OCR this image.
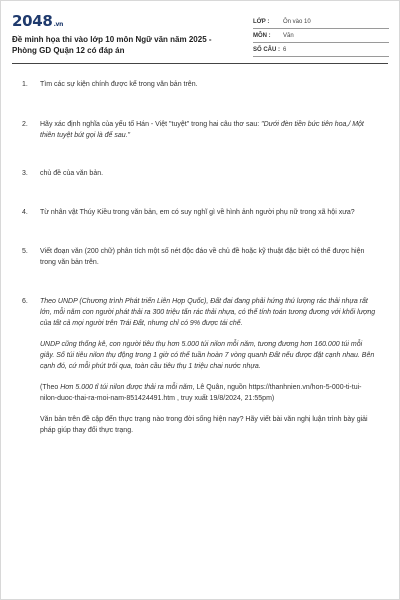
2048.vn
Đề minh họa thi vào lớp 10 môn Ngữ văn năm 2025 - Phòng GD Quận 12 có đáp án
LỚP :	Ôn vào 10
MÔN :	Văn
SỐ CÂU :	6
1. Tìm các sự kiện chính được kể trong văn bản trên.
2. Hãy xác định nghĩa của yếu tố Hán - Việt "tuyệt" trong hai câu thơ sau: "Dưới đèn tiền bức tiên hoa,/ Một thiên tuyệt bút gọi là để sau."
3. chủ đề của văn bản.
4. Từ nhân vật Thúy Kiều trong văn bản, em có suy nghĩ gì về hình ảnh người phụ nữ trong xã hội xưa?
5. Viết đoạn văn (200 chữ) phân tích một số nét độc đáo về chủ đề hoặc kỹ thuật đặc biệt có thể được hiện trong văn bản trên.
6. Theo UNDP (Chương trình Phát triển Liên Hợp Quốc), Đất đai đang phải hứng thú lượng rác thải nhựa rất lớn, mỗi năm con người phát thải ra 300 triệu tấn rác thải nhựa, có thể tính toán tương đương với khối lượng của tất cả mọi người trên Trái Đất, nhưng chỉ có 9% được tái chế.

UNDP cũng thống kê, con người tiêu thụ hơn 5.000 túi nilon mỗi năm, tương đương hơn 160.000 túi mỗi giây. Số túi tiêu nilon thụ động trong 1 giờ có thể tuần hoàn 7 vòng quanh Đất nếu được đặt cạnh nhau. Bên cạnh đó, cứ mỗi phút trôi qua, toàn cầu tiêu thụ 1 triệu chai nước nhựa.

(Theo Hơn 5.000 tỉ túi nilon được thải ra mỗi năm, Lê Quân, nguồn https://thanhnien.vn/hon-5-000-ti-tui-nilon-duoc-thai-ra-moi-nam-851424491.htm , truy xuất 19/8/2024, 21:55pm)

Văn bản trên đề cập đến thực trạng nào trong đời sống hiện nay? Hãy viết bài văn nghị luận trình bày giải pháp giúp thay đổi thực trạng.
